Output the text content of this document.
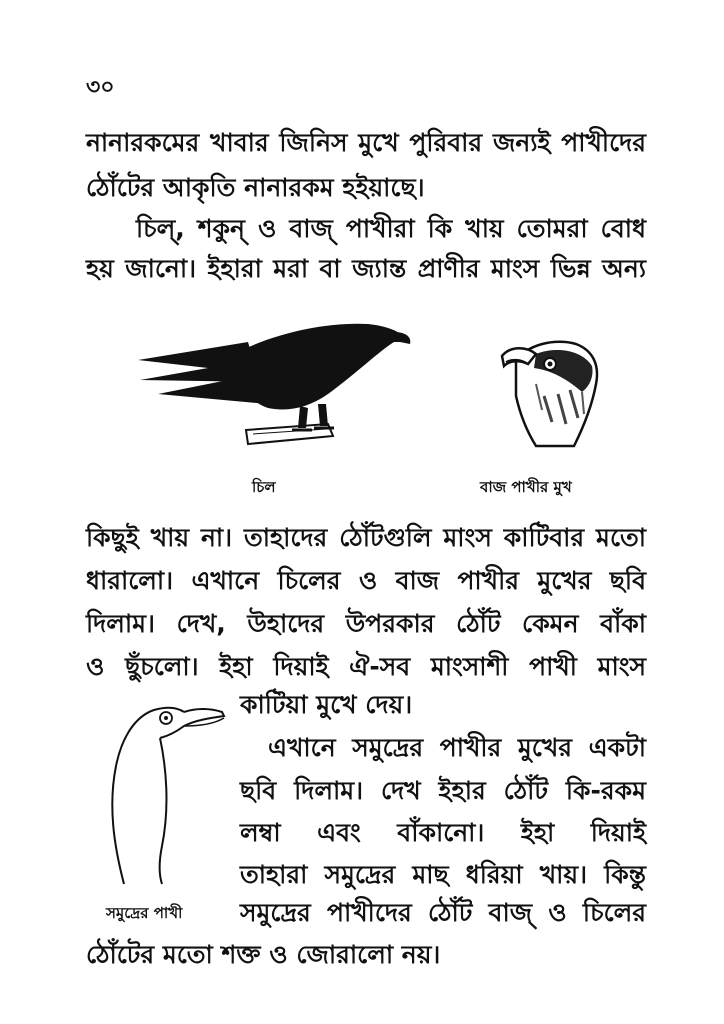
৩০
নানারকমের খাবার জিনিস মুখে পুরিবার জন্যই পাখীদের
ঠোঁটের আকৃতি নানারকম হইয়াছে।
চিল্‌, শকুন্‌ ও বাজ্‌ পাখীরা কি খায় তোমরা বোধ
হয় জানো। ইহারা মরা বা জ্যান্ত প্রাণীর মাংস ভিন্ন অন্য
চিল	বাজ পাখীর মুখ
কিছুই খায় না। তাহাদের ঠোঁটগুলি মাংস কাটিবার মতো
ধারালো। এখানে চিলের ও বাজ পাখীর মুখের ছবি
দিলাম। দেখ, উহাদের উপরকার ঠোঁট কেমন বাঁকা
ও ছুঁচলো। ইহা দিয়াই ঐ-সব মাংসাশী পাখী মাংস
কাটিয়া মুখে দেয়।
এখানে সমুদ্রের পাখীর মুখের একটা
ছবি দিলাম। দেখ ইহার ঠোঁট কি-রকম
লম্বা এবং বাঁকানো। ইহা দিয়াই
তাহারা সমুদ্রের মাছ ধরিয়া খায়। কিন্তু
সমুদ্রের পাখী সমুদ্রের পাখীদের ঠোঁট বাজ্‌ ও চিলের
ঠোঁটের মতো শক্ত ও জোরালো নয়।
